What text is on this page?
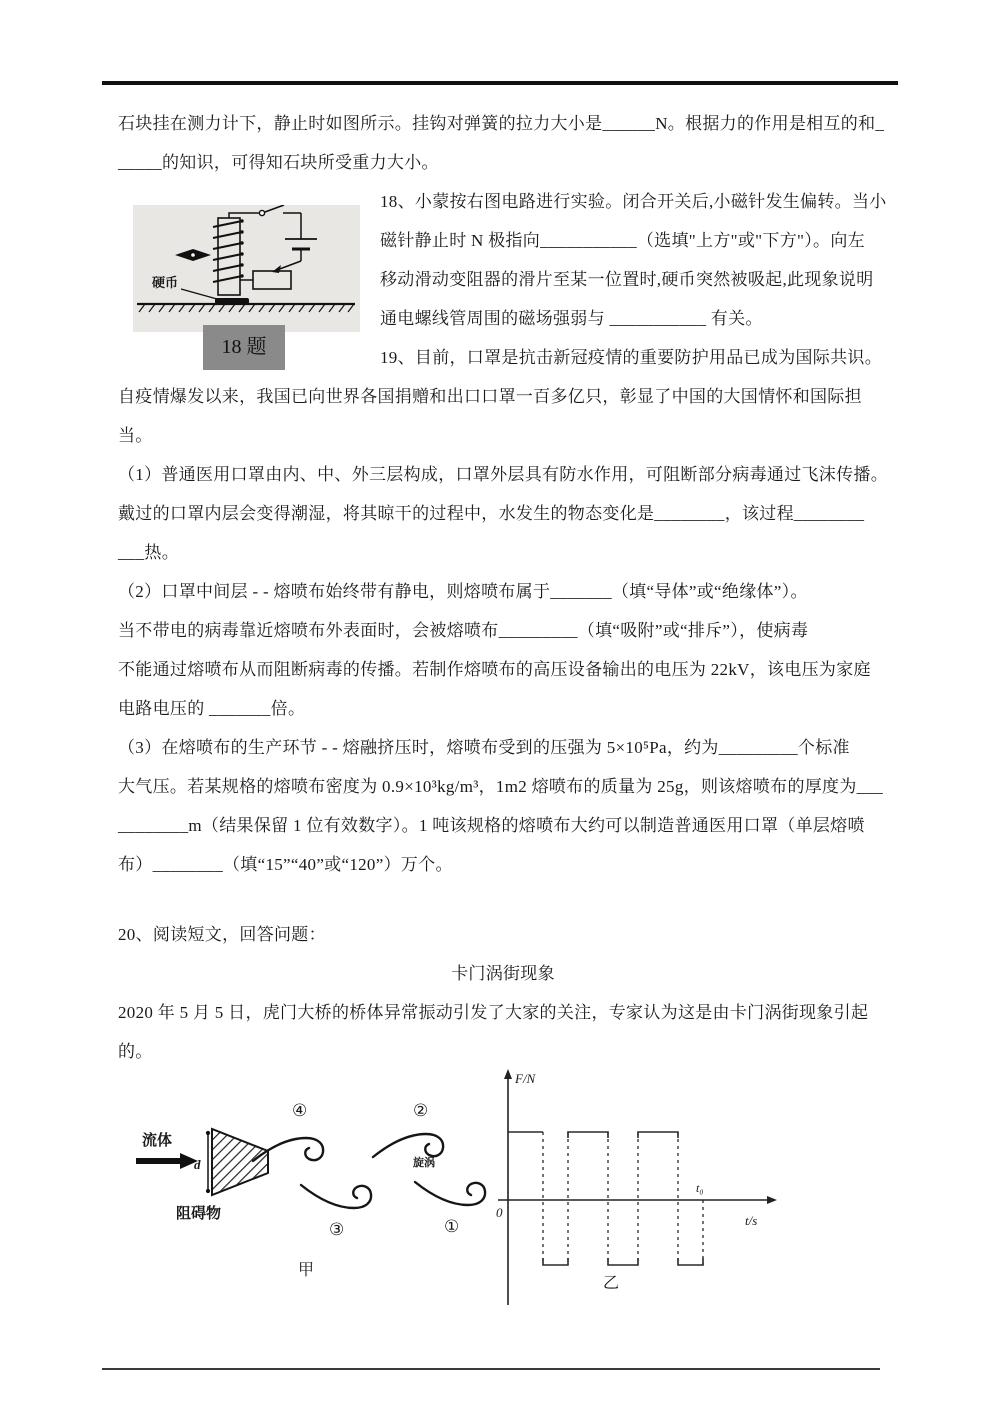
硬币
18 题

石块挂在测力计下，静止时如图所示。挂钩对弹簧的拉力大小是______N。根据力的作用是相互的和_

_____的知识，可得知石块所受重力大小。

18、小蒙按右图电路进行实验。闭合开关后,小磁针发生偏转。当小

磁针静止时 N 极指向___________（选填"上方"或"下方"）。向左

移动滑动变阻器的滑片至某一位置时,硬币突然被吸起,此现象说明

通电螺线管周围的磁场强弱与 ___________ 有关。

19、目前，口罩是抗击新冠疫情的重要防护用品已成为国际共识。

自疫情爆发以来，我国已向世界各国捐赠和出口口罩一百多亿只，彰显了中国的大国情怀和国际担

当。

（1）普通医用口罩由内、中、外三层构成，口罩外层具有防水作用，可阻断部分病毒通过飞沫传播。

戴过的口罩内层会变得潮湿，将其晾干的过程中，水发生的物态变化是________，该过程________

___热。

（2）口罩中间层 - - 熔喷布始终带有静电，则熔喷布属于_______（填“导体”或“绝缘体”）。

当不带电的病毒靠近熔喷布外表面时，会被熔喷布_________（填“吸附”或“排斥”），使病毒

不能通过熔喷布从而阻断病毒的传播。若制作熔喷布的高压设备输出的电压为 22kV，该电压为家庭

电路电压的 _______倍。

（3）在熔喷布的生产环节 - - 熔融挤压时，熔喷布受到的压强为 5×10⁵Pa，约为_________个标准

大气压。若某规格的熔喷布密度为 0.9×10³kg/m³，1m2 熔喷布的质量为 25g，则该熔喷布的厚度为___

________m（结果保留 1 位有效数字）。1 吨该规格的熔喷布大约可以制造普通医用口罩（单层熔喷

布）________（填“15”“40”或“120”）万个。

20、阅读短文，回答问题：

卡门涡街现象

2020 年 5 月 5 日，虎门大桥的桥体异常振动引发了大家的关注，专家认为这是由卡门涡街现象引起

的。

流体
d
阻碍物
④	②
③	①
旋涡
甲
F/N
0
t/s
t₀
乙
